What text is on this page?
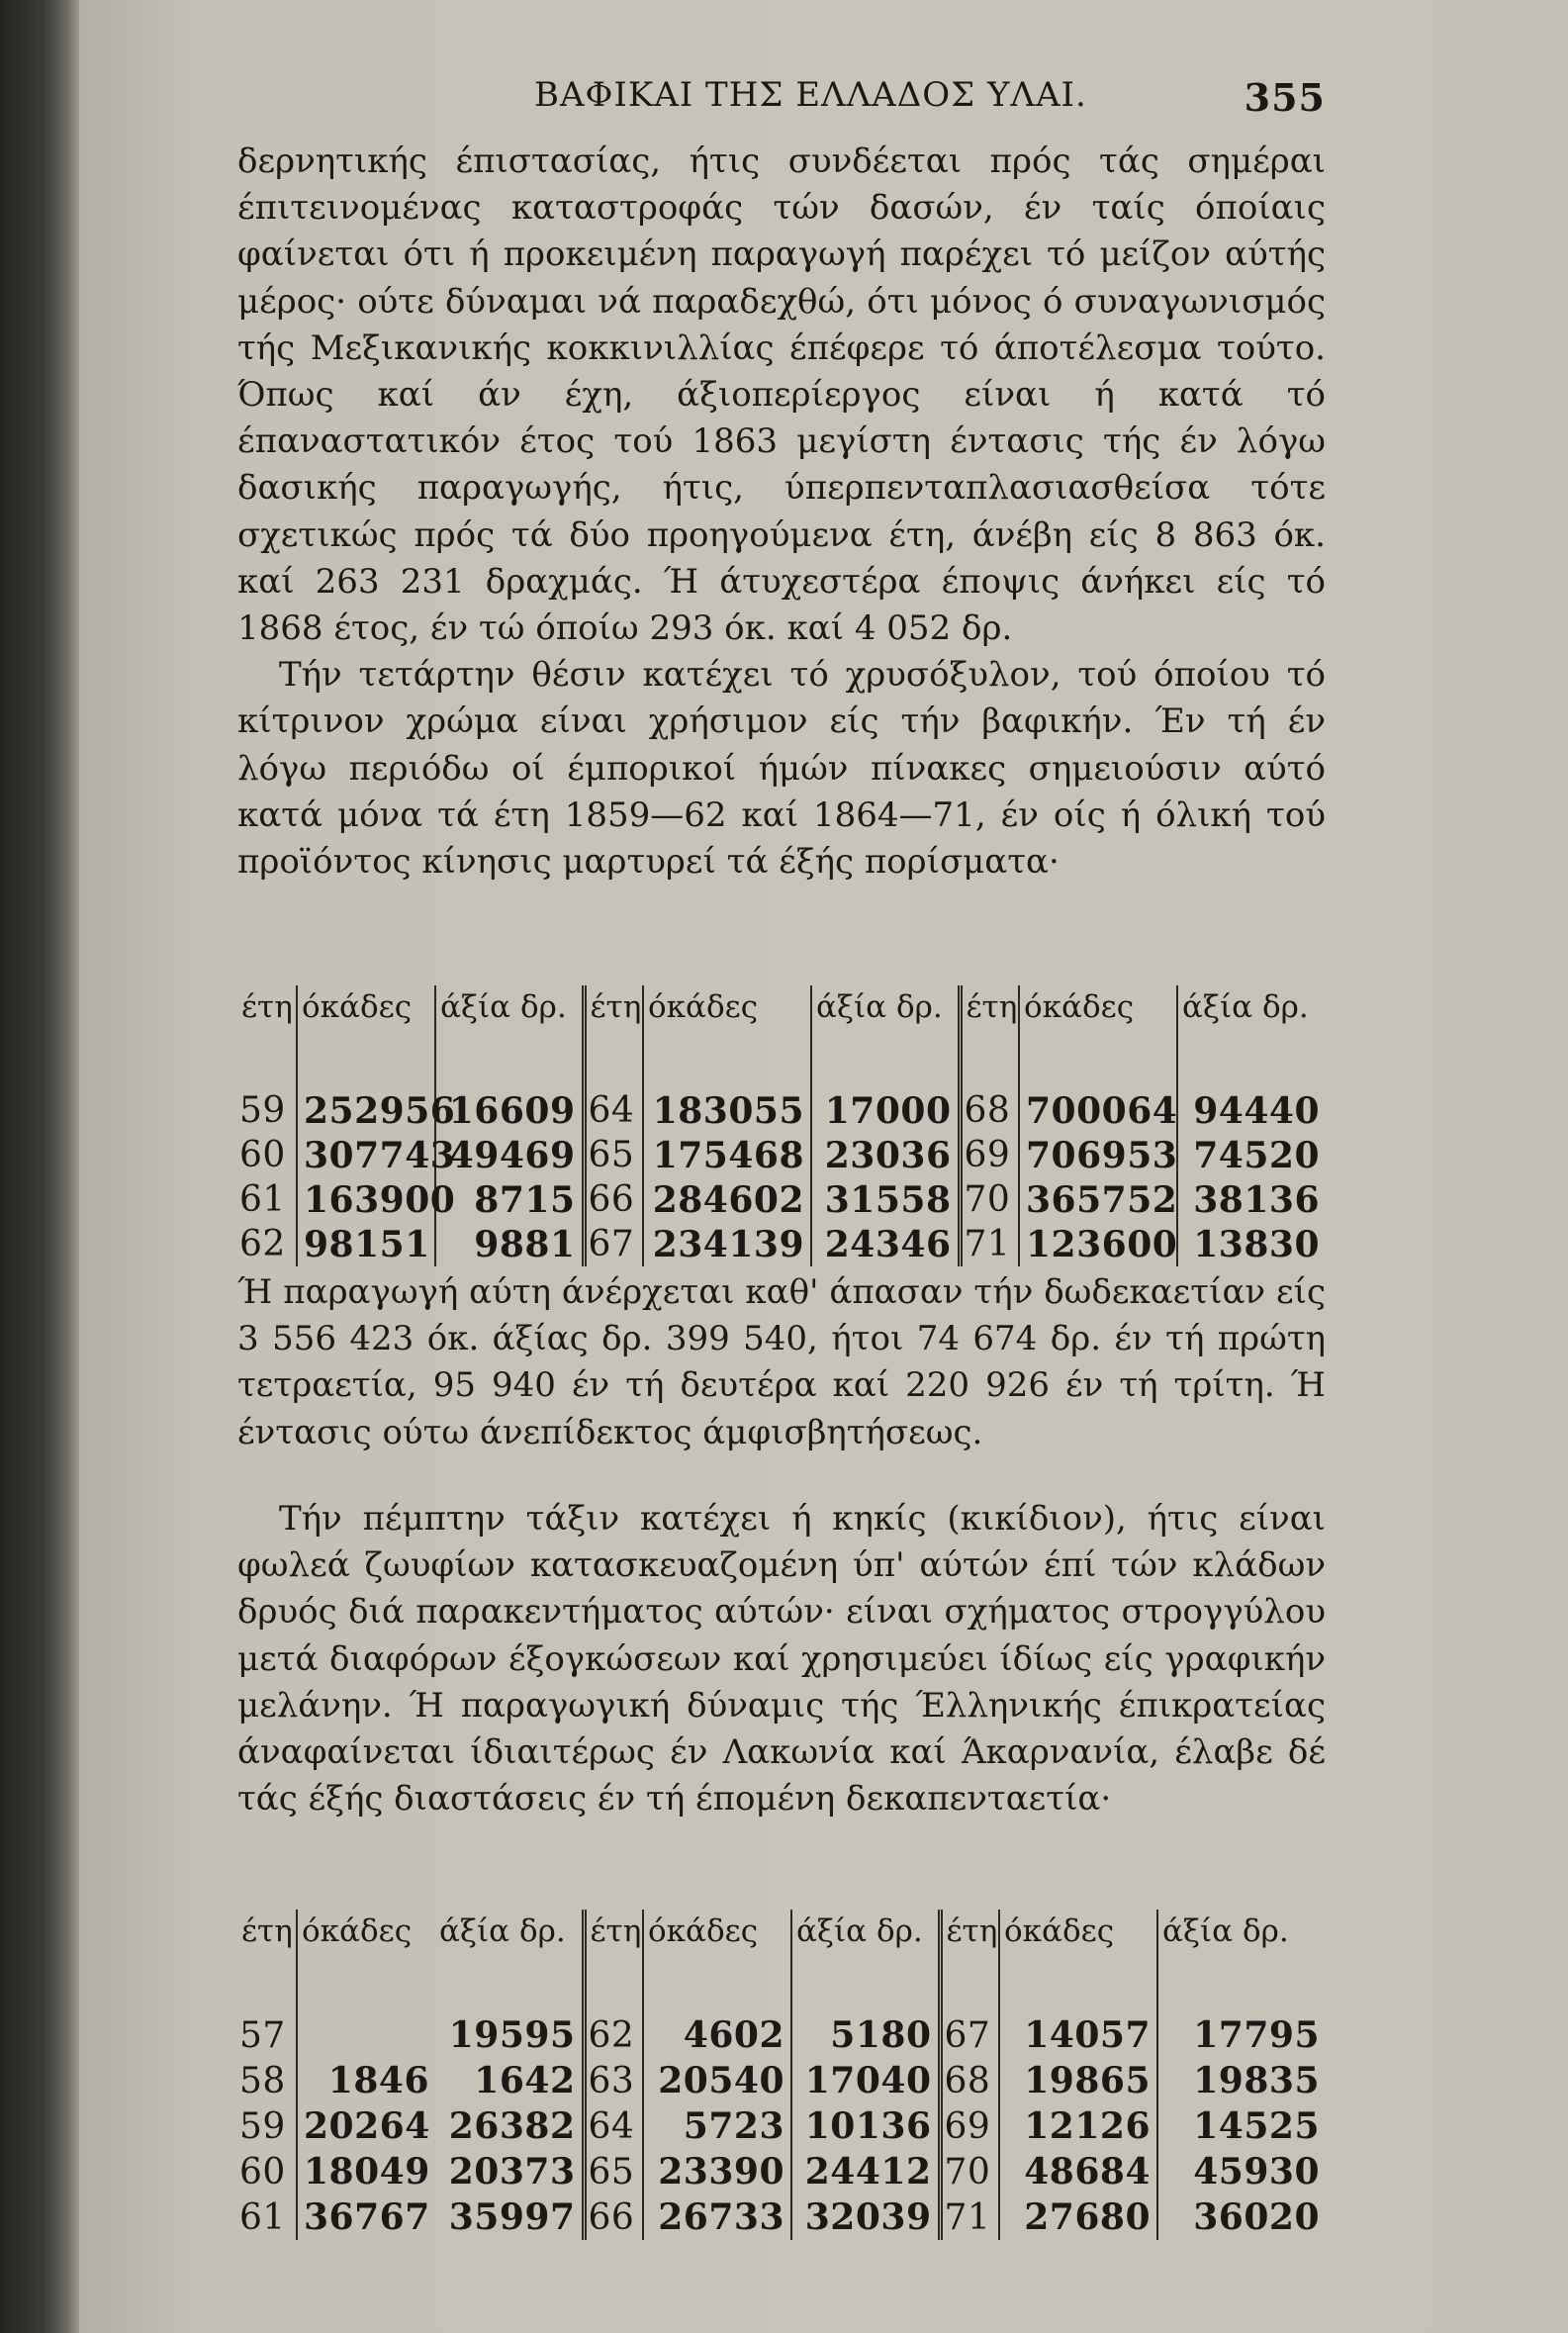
ΒΑΦΙΚΑΙ ΤΗΣ ΕΛΛΑΔΟΣ ΥΛΑΙ.	355

δερνητικής έπιστασίας, ήτις συνδέεται πρός τάς σημέραι έπιτεινομένας καταστροφάς τών δασών, έν ταίς όποίαις φαίνεται ότι ή προκειμένη παραγωγή παρέχει τό μείζον αύτής μέρος· ούτε δύναμαι νά παραδεχθώ, ότι μόνος ό συναγωνισμός τής Μεξικανικής κοκκινιλλίας έπέφερε τό άποτέλεσμα τούτο. Όπως καί άν έχη, άξιοπερίεργος είναι ή κατά τό έπαναστατικόν έτος τού 1863 μεγίστη έντασις τής έν λόγω δασικής παραγωγής, ήτις, ύπερπενταπλασιασθείσα τότε σχετικώς πρός τά δύο προηγούμενα έτη, άνέβη είς 8 863 όκ. καί 263 231 δραχμάς. Ή άτυχεστέρα έποψις άνήκει είς τό 1868 έτος, έν τώ όποίω 293 όκ. καί 4 052 δρ.

Τήν τετάρτην θέσιν κατέχει τό χρυσόξυλον, τού όποίου τό κίτρινον χρώμα είναι χρήσιμον είς τήν βαφικήν. Έν τή έν λόγω περιόδω οί έμπορικοί ήμών πίνακες σημειούσιν αύτό κατά μόνα τά έτη 1859—62 καί 1864—71, έν οίς ή όλική τού προϊόντος κίνησις μαρτυρεί τά έξής πορίσματα·

έτη	όκάδες	άξία δρ.	έτη	όκάδες	άξία δρ.	έτη	όκάδες	άξία δρ.

59	252956	16609	64	183055	17000	68	700064	94440
60	307743	49469	65	175468	23036	69	706953	74520
61	163900	8715	66	284602	31558	70	365752	38136
62	98151	9881	67	234139	24346	71	123600	13830

Ή παραγωγή αύτη άνέρχεται καθ' άπασαν τήν δωδεκαετίαν είς 3 556 423 όκ. άξίας δρ. 399 540, ήτοι 74 674 δρ. έν τή πρώτη τετραετία, 95 940 έν τή δευτέρα καί 220 926 έν τή τρίτη. Ή έντασις ούτω άνεπίδεκτος άμφισβητήσεως.

Τήν πέμπτην τάξιν κατέχει ή κηκίς (κικίδιον), ήτις είναι φωλεά ζωυφίων κατασκευαζομένη ύπ' αύτών έπί τών κλάδων δρυός διά παρακεντήματος αύτών· είναι σχήματος στρογγύλου μετά διαφόρων έξογκώσεων καί χρησιμεύει ίδίως είς γραφικήν μελάνην. Ή παραγωγική δύναμις τής Έλληνικής έπικρατείας άναφαίνεται ίδιαιτέρως έν Λακωνία καί Άκαρνανία, έλαβε δέ τάς έξής διαστάσεις έν τή έπομένη δεκαπενταετία·

έτη	όκάδες	άξία δρ.	έτη	όκάδες	άξία δρ.	έτη	όκάδες	άξία δρ.

57		19595	62	4602	5180	67	14057	17795
58	1846	1642	63	20540	17040	68	19865	19835
59	20264	26382	64	5723	10136	69	12126	14525
60	18049	20373	65	23390	24412	70	48684	45930
61	36767	35997	66	26733	32039	71	27680	36020
